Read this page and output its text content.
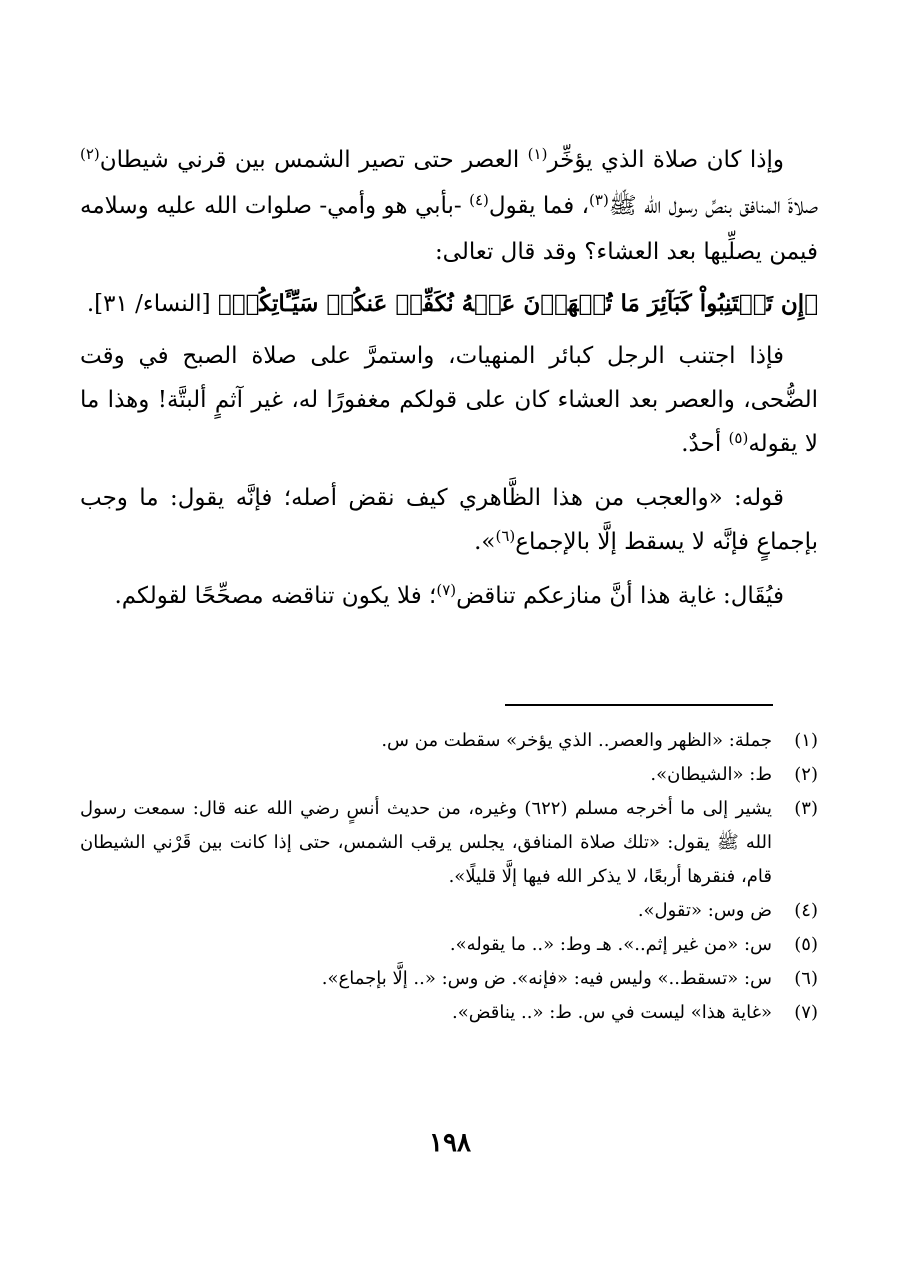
وإذا كان صلاة الذي يؤخِّر$^{(١)}$ العصر حتى تصير الشمس بين قرني شيطان$^{(٢)}$ صلاةَ المنافق بنصِّ رسول الله ﷺ$^{(٣)}$، فما يقول$^{(٤)}$ -بأبي هو وأمي- صلوات الله عليه وسلامه فيمن يصلِّيها بعد العشاء؟ وقد قال تعالى:

﴿إِن تَجۡتَنِبُواْ كَبَآئِرَ مَا تُنۡهَوۡنَ عَنۡهُ نُكَفِّرۡ عَنكُمۡ سَيِّـَٔاتِكُمۡ﴾ [النساء/ ٣١].

فإذا اجتنب الرجل كبائر المنهيات، واستمرَّ على صلاة الصبح في وقت الضُّحى، والعصر بعد العشاء كان على قولكم مغفورًا له، غير آثمٍ ألبتَّة! وهذا ما لا يقوله$^{(٥)}$ أحدٌ.

قوله: «والعجب من هذا الظَّاهري كيف نقض أصله؛ فإنَّه يقول: ما وجب بإجماعٍ فإنَّه لا يسقط إلَّا بالإجماع$^{(٦)}$».

فيُقَال: غاية هذا أنَّ منازعكم تناقض$^{(٧)}$؛ فلا يكون تناقضه مصحِّحًا لقولكم.

(١)
جملة: «الظهر والعصر.. الذي يؤخر» سقطت من س.
(٢)
ط: «الشيطان».
(٣)
يشير إلى ما أخرجه مسلم (٦٢٢) وغيره، من حديث أنسٍ رضي الله عنه قال: سمعت رسول الله ﷺ يقول: «تلك صلاة المنافق، يجلس يرقب الشمس، حتى إذا كانت بين قَرْني الشيطان قام، فنقرها أربعًا، لا يذكر الله فيها إلَّا قليلًا».
(٤)
ض وس: «تقول».
(٥)
س: «من غير إثم..». هـ وط: «.. ما يقوله».
(٦)
س: «تسقط..» وليس فيه: «فإنه». ض وس: «.. إلَّا بإجماع».
(٧)
«غاية هذا» ليست في س. ط: «.. يناقض».
١٩٨
